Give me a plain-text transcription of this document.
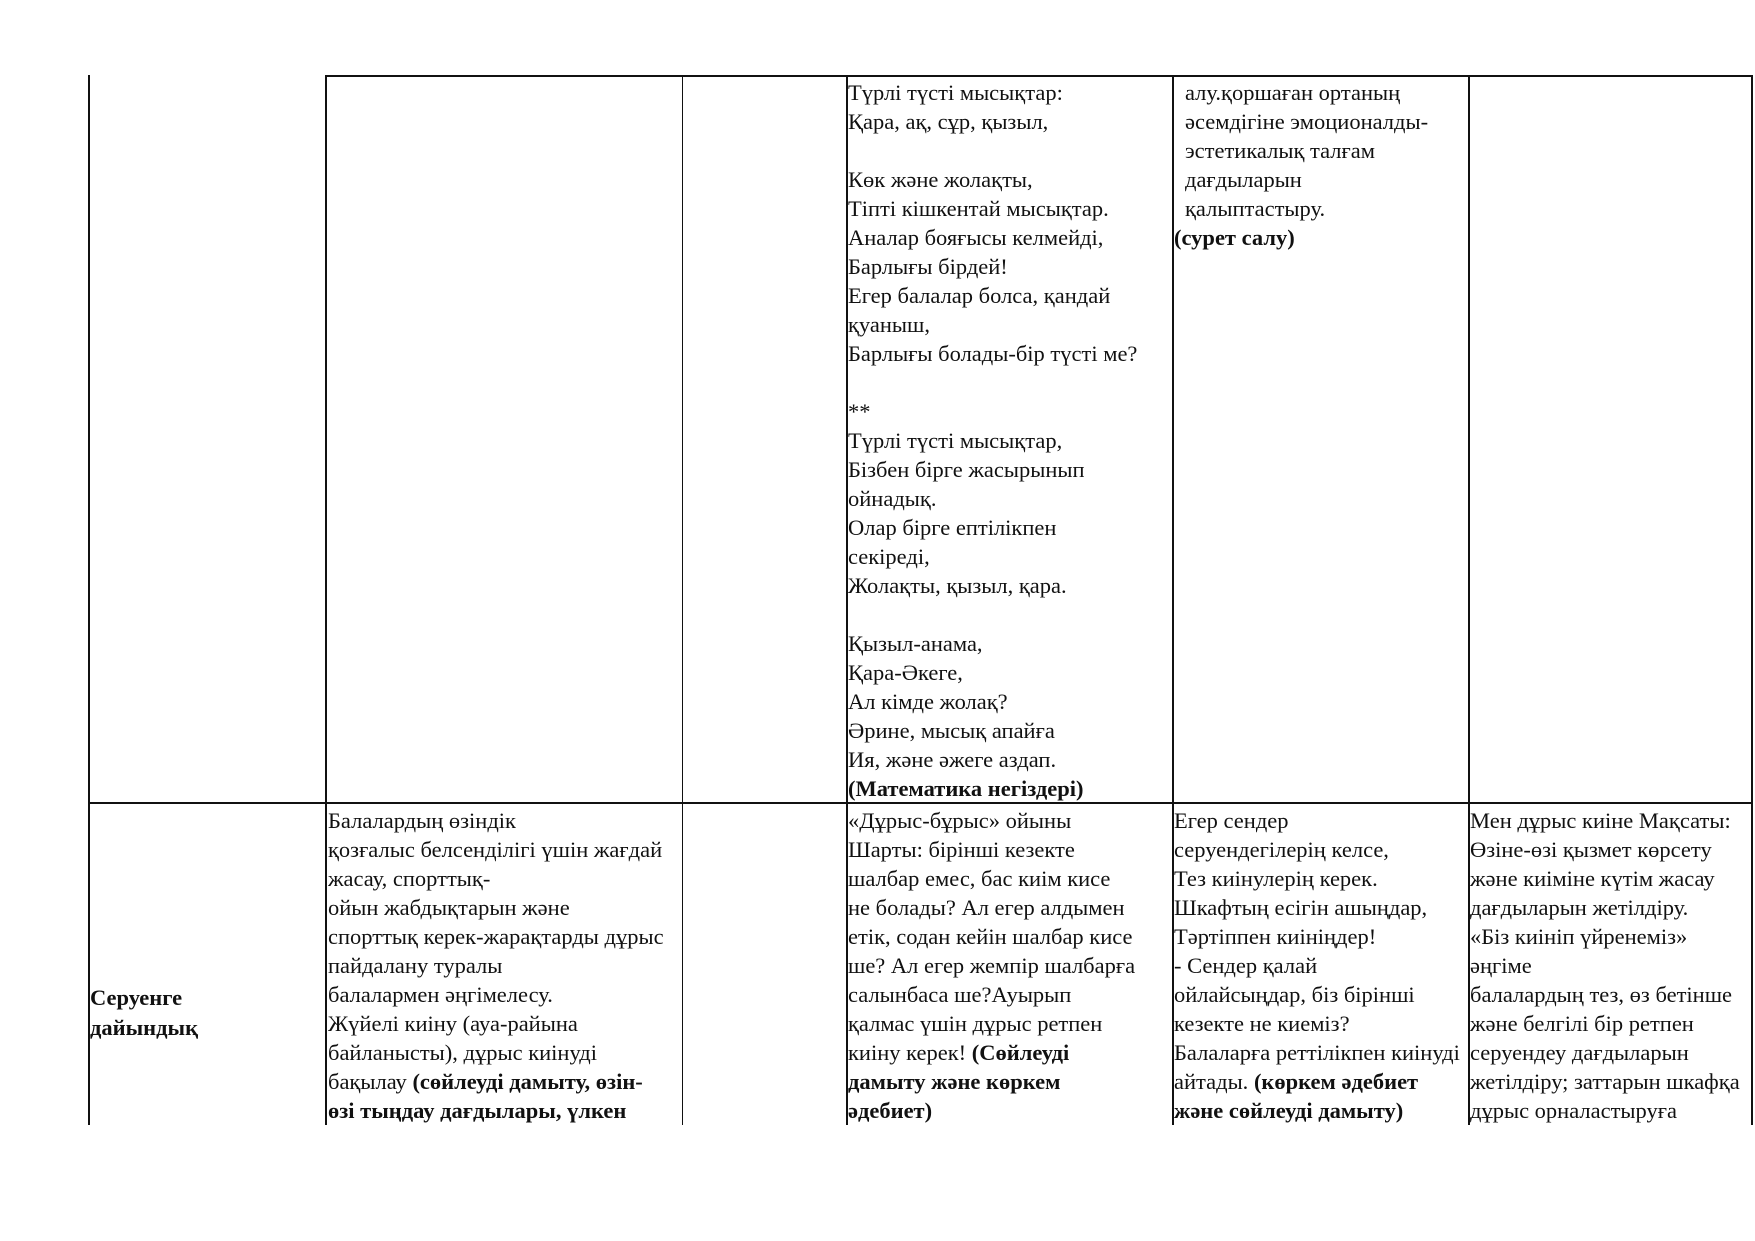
Түрлі түсті мысықтар:
Қара, ақ, сұр, қызыл,
Көк және жолақты,
Тіпті кішкентай мысықтар.
Аналар бояғысы келмейді,
Барлығы бірдей!
Егер балалар болса, қандай
қуаныш,
Барлығы болады-бір түсті ме?
**
Түрлі түсті мысықтар,
Бізбен бірге жасырынып
ойнадық.
Олар бірге ептілікпен
секіреді,
Жолақты, қызыл, қара.
Қызыл-анама,
Қара-Әкеге,
Ал кімде жолақ?
Әрине, мысық апайға
Ия, және әжеге аздап.
(Математика негіздері)
алу.қоршаған ортаның
әсемдігіне эмоционалды-
эстетикалық талғам
дағдыларын
қалыптастыру.
(сурет салу)
Серуенге
дайындық
Балалардың өзіндік
қозғалыс белсенділігі үшін жағдай
жасау, спорттық-
ойын жабдықтарын және
спорттық керек-жарақтарды дұрыс
пайдалану туралы
балалармен әңгімелесу.
Жүйелі киіну (ауа-райына
байланысты), дұрыс киінуді
бақылау (сөйлеуді дамыту, өзін-
өзі тыңдау дағдылары, үлкен
«Дұрыс-бұрыс» ойыны
Шарты: бірінші кезекте
шалбар емес, бас киім кисе
не болады? Ал егер алдымен
етік, содан кейін шалбар кисе
ше? Ал егер жемпір шалбарға
салынбаса ше?Ауырып
қалмас үшін дұрыс ретпен
киіну керек! (Сөйлеуді
дамыту және көркем
әдебиет)
Егер сендер
серуендегілерің келсе,
Тез киінулерің керек.
Шкафтың есігін ашыңдар,
Тәртіппен киініңдер!
- Сендер қалай
ойлайсыңдар, біз бірінші
кезекте не киеміз?
Балаларға реттілікпен киінуді
айтады. (көркем әдебиет
және сөйлеуді дамыту)
Мен дұрыс киіне Мақсаты:
Өзіне-өзі қызмет көрсету
және киіміне күтім жасау
дағдыларын жетілдіру.
«Біз киініп үйренеміз»
әңгіме
балалардың тез, өз бетінше
және белгілі бір ретпен
серуендеу дағдыларын
жетілдіру; заттарын шкафқа
дұрыс орналастыруға
